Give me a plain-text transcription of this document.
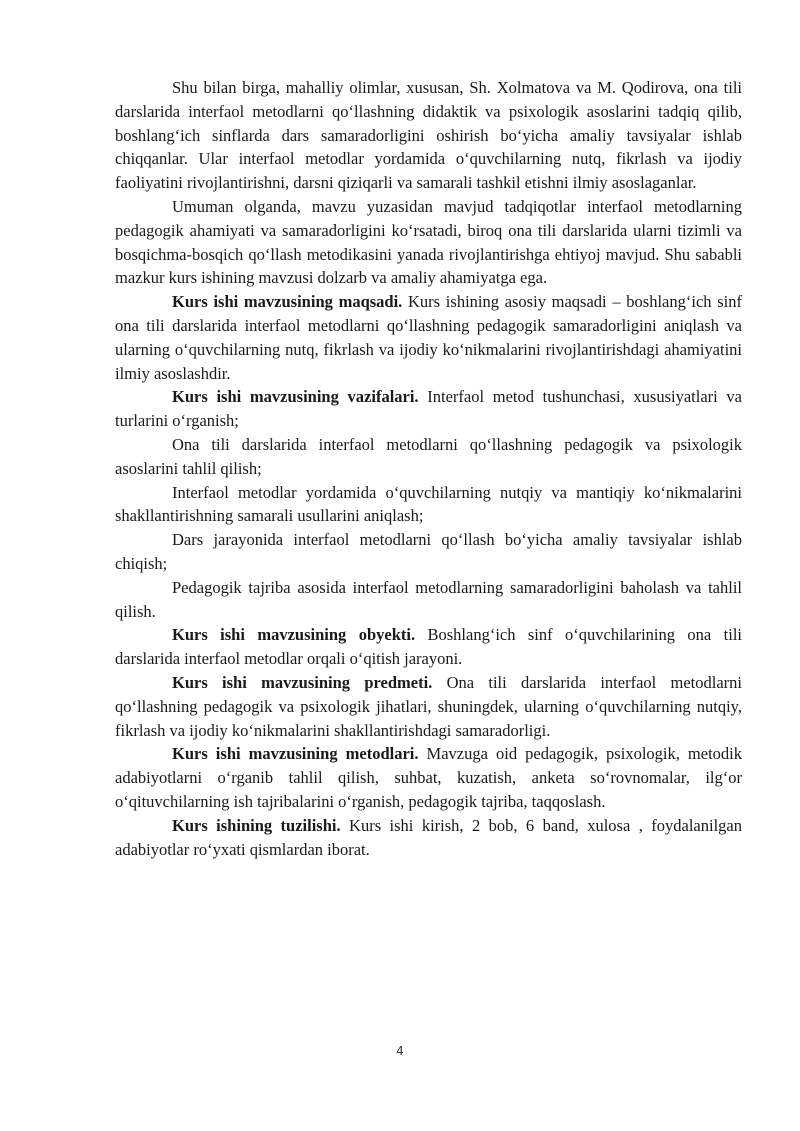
Shu bilan birga, mahalliy olimlar, xususan, Sh. Xolmatova va M. Qodirova, ona tili darslarida interfaol metodlarni qo‘llashning didaktik va psixologik asoslarini tadqiq qilib, boshlang‘ich sinflarda dars samaradorligini oshirish bo‘yicha amaliy tavsiyalar ishlab chiqqanlar. Ular interfaol metodlar yordamida o‘quvchilarning nutq, fikrlash va ijodiy faoliyatini rivojlantirishni, darsni qiziqarli va samarali tashkil etishni ilmiy asoslaganlar.

Umuman olganda, mavzu yuzasidan mavjud tadqiqotlar interfaol metodlarning pedagogik ahamiyati va samaradorligini ko‘rsatadi, biroq ona tili darslarida ularni tizimli va bosqichma-bosqich qo‘llash metodikasini yanada rivojlantirishga ehtiyoj mavjud. Shu sababli mazkur kurs ishining mavzusi dolzarb va amaliy ahamiyatga ega.

Kurs ishi mavzusining maqsadi. Kurs ishining asosiy maqsadi – boshlang‘ich sinf ona tili darslarida interfaol metodlarni qo‘llashning pedagogik samaradorligini aniqlash va ularning o‘quvchilarning nutq, fikrlash va ijodiy ko‘nikmalarini rivojlantirishdagi ahamiyatini ilmiy asoslashdir.

Kurs ishi mavzusining vazifalari. Interfaol metod tushunchasi, xususiyatlari va turlarini o‘rganish;

Ona tili darslarida interfaol metodlarni qo‘llashning pedagogik va psixologik asoslarini tahlil qilish;

Interfaol metodlar yordamida o‘quvchilarning nutqiy va mantiqiy ko‘nikmalarini shakllantirishning samarali usullarini aniqlash;

Dars jarayonida interfaol metodlarni qo‘llash bo‘yicha amaliy tavsiyalar ishlab chiqish;

Pedagogik tajriba asosida interfaol metodlarning samaradorligini baholash va tahlil qilish.

Kurs ishi mavzusining obyekti. Boshlang‘ich sinf o‘quvchilarining ona tili darslarida interfaol metodlar orqali o‘qitish jarayoni.

Kurs ishi mavzusining predmeti. Ona tili darslarida interfaol metodlarni qo‘llashning pedagogik va psixologik jihatlari, shuningdek, ularning o‘quvchilarning nutqiy, fikrlash va ijodiy ko‘nikmalarini shakllantirishdagi samaradorligi.

Kurs ishi mavzusining metodlari. Mavzuga oid pedagogik, psixologik, metodik adabiyotlarni o‘rganib tahlil qilish, suhbat, kuzatish, anketa so‘rovnomalar, ilg‘or o‘qituvchilarning ish tajribalarini o‘rganish, pedagogik tajriba, taqqoslash.

Kurs ishining tuzilishi. Kurs ishi kirish, 2 bob, 6 band, xulosa , foydalanilgan adabiyotlar ro‘yxati qismlardan iborat.

4
